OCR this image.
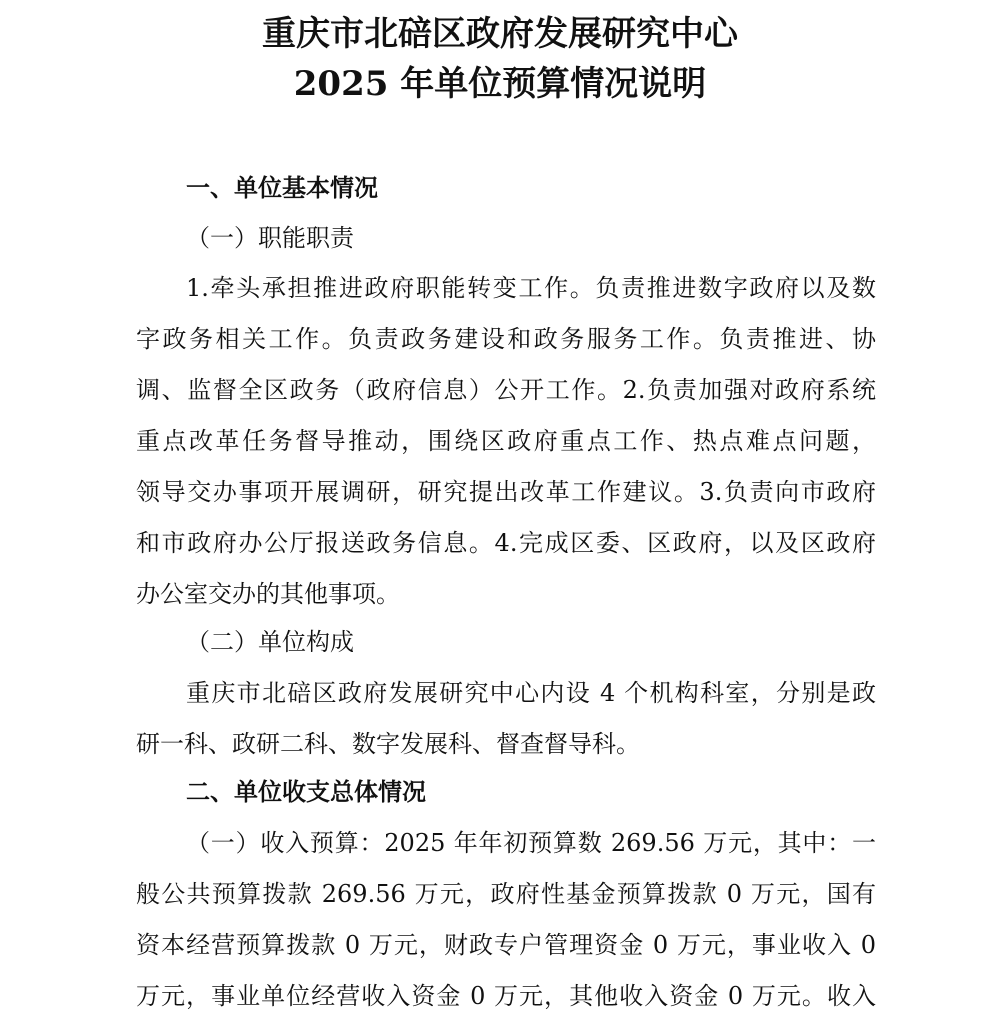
重庆市北碚区政府发展研究中心
2025 年单位预算情况说明
一、单位基本情况
（一）职能职责
1.牵头承担推进政府职能转变工作。负责推进数字政府以及数
字政务相关工作。负责政务建设和政务服务工作。负责推进、协
调、监督全区政务（政府信息）公开工作。2.负责加强对政府系统
重点改革任务督导推动，围绕区政府重点工作、热点难点问题，
领导交办事项开展调研，研究提出改革工作建议。3.负责向市政府
和市政府办公厅报送政务信息。4.完成区委、区政府，以及区政府
办公室交办的其他事项。
（二）单位构成
重庆市北碚区政府发展研究中心内设 4 个机构科室，分别是政
研一科、政研二科、数字发展科、督查督导科。
二、单位收支总体情况
（一）收入预算：2025 年年初预算数 269.56 万元，其中：一
般公共预算拨款 269.56 万元，政府性基金预算拨款 0 万元，国有
资本经营预算拨款 0 万元，财政专户管理资金 0 万元，事业收入 0
万元，事业单位经营收入资金 0 万元，其他收入资金 0 万元。收入
